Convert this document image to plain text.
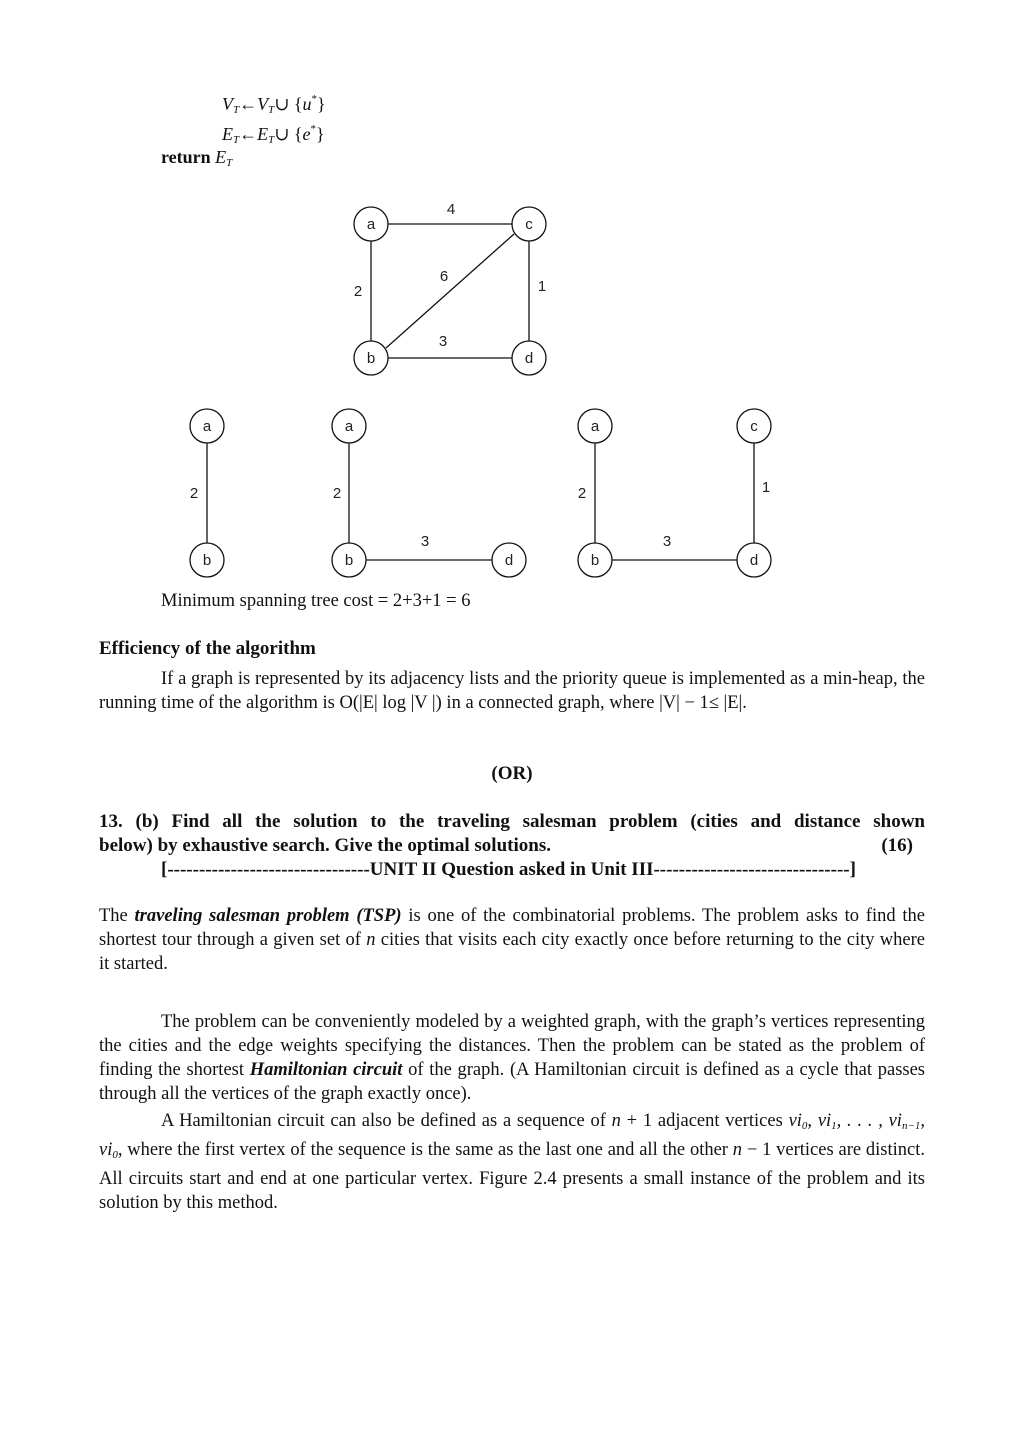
$V_T\leftarrow V_T\cup$ {u*}
$E_T\leftarrow E_T\cup$ {e*}
return $E_T$
a	c
b	d
4
6
2	1
3
a
b
2
a
b	d
2
3
a
b
c
d
2
3
1
Minimum spanning tree cost = 2+3+1 = 6
Efficiency of the algorithm
If a graph is represented by its adjacency lists and the priority queue is implemented as a min-heap, the running time of the algorithm is O(|E| log |V |) in a connected graph, where |V| − 1≤ |E|.
(OR)
13. (b) Find all the solution to the traveling salesman problem (cities and distance shown
below) by exhaustive search. Give the optimal solutions.	(16)
[--------------------------------UNIT II Question asked in Unit III-------------------------------]
The traveling salesman problem (TSP) is one of the combinatorial problems. The problem asks to find the shortest tour through a given set of n cities that visits each city exactly once before returning to the city where it started.
The problem can be conveniently modeled by a weighted graph, with the graph’s vertices representing the cities and the edge weights specifying the distances. Then the problem can be stated as the problem of finding the shortest Hamiltonian circuit of the graph. (A Hamiltonian circuit is defined as a cycle that passes through all the vertices of the graph exactly once).
A Hamiltonian circuit can also be defined as a sequence of n + 1 adjacent vertices $vi_0$, $vi_1$, . . . , $vi_{n-1}$, $vi_0$, where the first vertex of the sequence is the same as the last one and all the other n − 1 vertices are distinct. All circuits start and end at one particular vertex. Figure 2.4 presents a small instance of the problem and its solution by this method.
